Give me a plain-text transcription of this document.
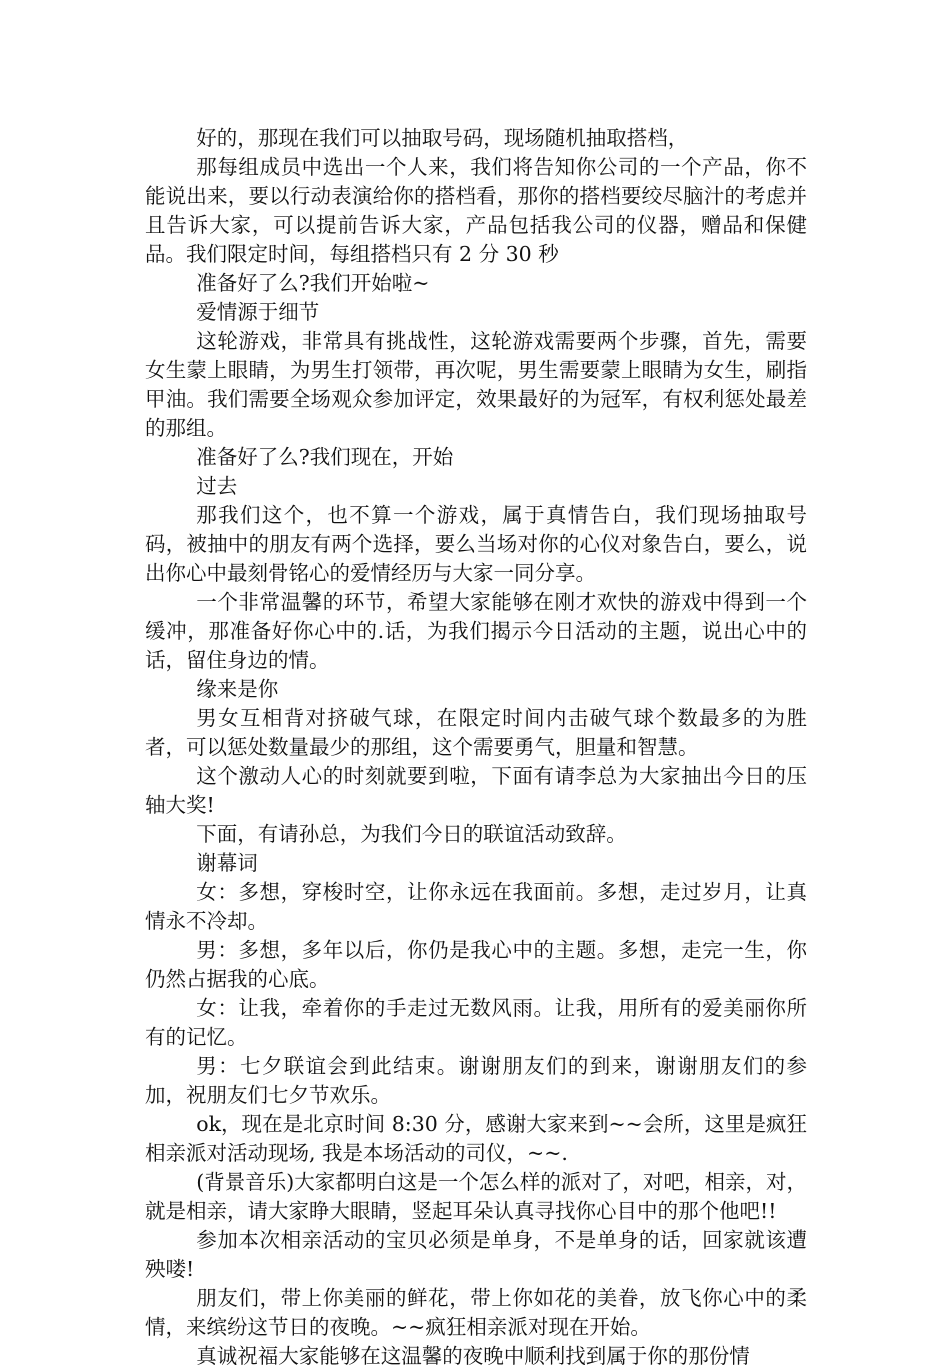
好的，那现在我们可以抽取号码，现场随机抽取搭档，

那每组成员中选出一个人来，我们将告知你公司的一个产品，你不能说出来，要以行动表演给你的搭档看，那你的搭档要绞尽脑汁的考虑并且告诉大家，可以提前告诉大家，产品包括我公司的仪器，赠品和保健品。我们限定时间，每组搭档只有 2 分 30 秒

准备好了么?我们开始啦~

爱情源于细节

这轮游戏，非常具有挑战性，这轮游戏需要两个步骤，首先，需要女生蒙上眼睛，为男生打领带，再次呢，男生需要蒙上眼睛为女生，刷指甲油。我们需要全场观众参加评定，效果最好的为冠军，有权利惩处最差的那组。

准备好了么?我们现在，开始

过去

那我们这个，也不算一个游戏，属于真情告白，我们现场抽取号码，被抽中的朋友有两个选择，要么当场对你的心仪对象告白，要么，说出你心中最刻骨铭心的爱情经历与大家一同分享。

一个非常温馨的环节，希望大家能够在刚才欢快的游戏中得到一个缓冲，那准备好你心中的.话，为我们揭示今日活动的主题，说出心中的话，留住身边的情。

缘来是你

男女互相背对挤破气球，在限定时间内击破气球个数最多的为胜者，可以惩处数量最少的那组，这个需要勇气，胆量和智慧。

这个激动人心的时刻就要到啦，下面有请李总为大家抽出今日的压轴大奖!

下面，有请孙总，为我们今日的联谊活动致辞。

谢幕词

女：多想，穿梭时空，让你永远在我面前。多想，走过岁月，让真情永不冷却。

男：多想，多年以后，你仍是我心中的主题。多想，走完一生，你仍然占据我的心底。

女：让我，牵着你的手走过无数风雨。让我，用所有的爱美丽你所有的记忆。

男：七夕联谊会到此结束。谢谢朋友们的到来，谢谢朋友们的参加，祝朋友们七夕节欢乐。

ok，现在是北京时间 8:30 分，感谢大家来到~~会所，这里是疯狂相亲派对活动现场, 我是本场活动的司仪，~~.

(背景音乐)大家都明白这是一个怎么样的派对了，对吧，相亲，对，就是相亲，请大家睁大眼睛，竖起耳朵认真寻找你心目中的那个他吧!!

参加本次相亲活动的宝贝必须是单身，不是单身的话，回家就该遭殃喽!

朋友们，带上你美丽的鲜花，带上你如花的美眷，放飞你心中的柔情，来缤纷这节日的夜晚。~~疯狂相亲派对现在开始。

真诚祝福大家能够在这温馨的夜晚中顺利找到属于你的那份情
